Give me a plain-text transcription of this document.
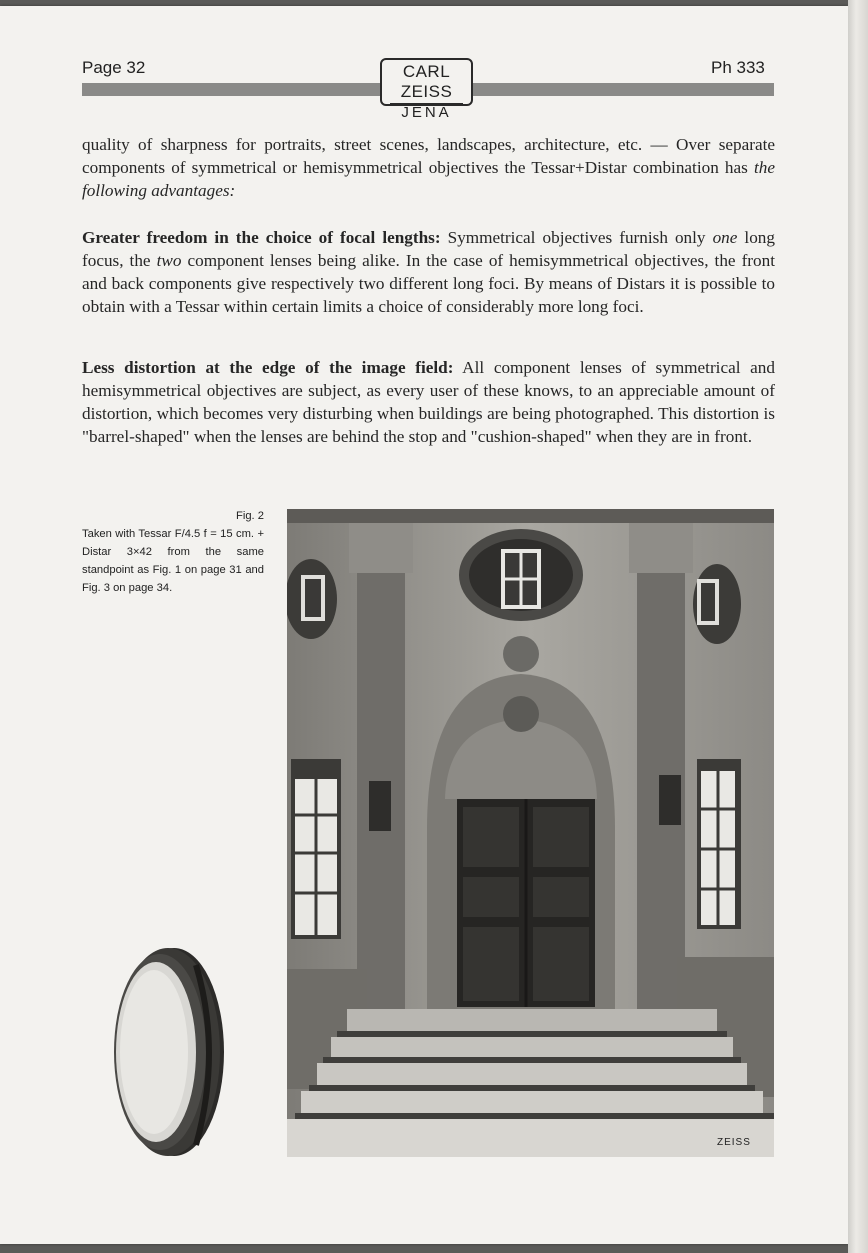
Page 32	Ph 333
CARL ZEISS
JENA

quality of sharpness for portraits, street scenes, landscapes, architecture, etc. — Over separate components of symmetrical or hemisymmetrical objectives the Tessar+Distar combination has the following advantages:

Greater freedom in the choice of focal lengths: Symmetrical objectives furnish only one long focus, the two component lenses being alike. In the case of hemisymmetrical objectives, the front and back components give respectively two different long foci. By means of Distars it is possible to obtain with a Tessar within certain limits a choice of considerably more long foci.

Less distortion at the edge of the image field: All component lenses of symmetrical and hemisymmetrical objectives are subject, as every user of these knows, to an appreciable amount of distortion, which becomes very disturbing when buildings are being photographed. This distortion is "barrel-shaped" when the lenses are behind the stop and "cushion-shaped" when they are in front.

Fig. 2
Taken with Tessar F/4.5 f = 15 cm. + Distar 3×42 from the same standpoint as Fig. 1 on page 31 and Fig. 3 on page 34.
ZEISS
